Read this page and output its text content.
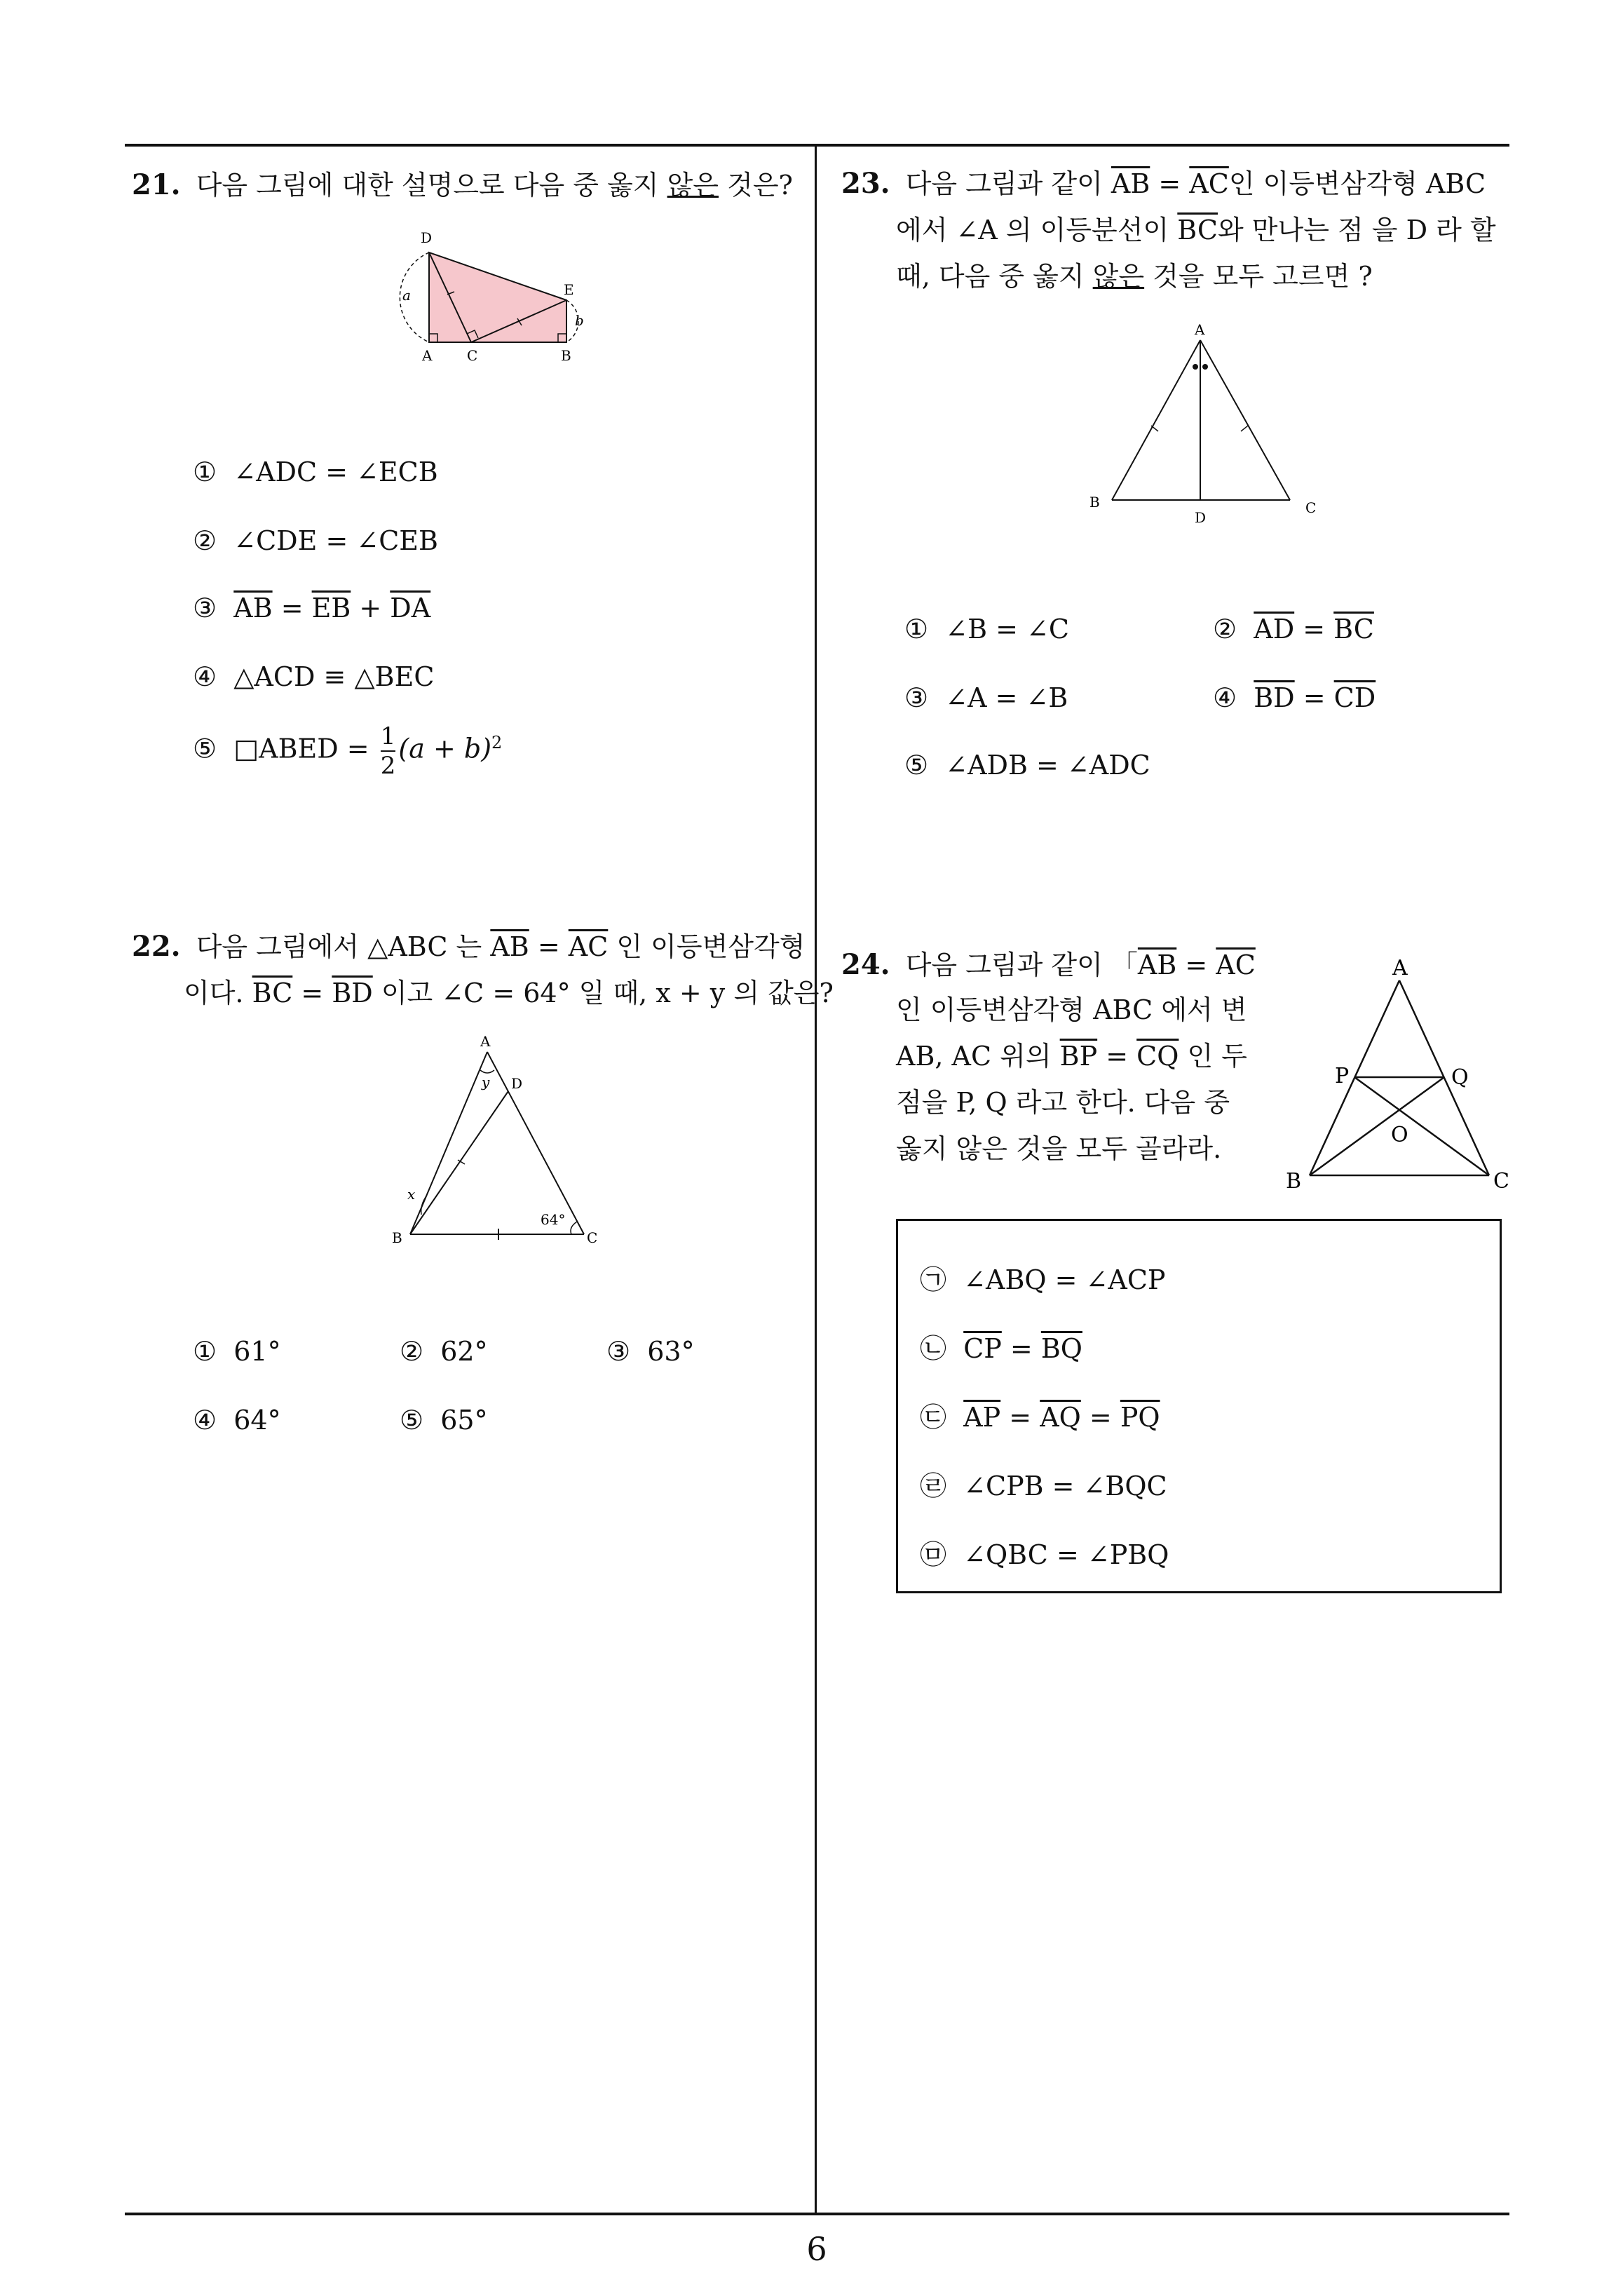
6
21. 다음 그림에 대한 설명으로 다음 중 옳지 않은 것은?
D
E
A C	B
a
b
① ∠ADC = ∠ECB
② ∠CDE = ∠CEB
③ $\overline{AB} = \overline{EB} + \overline{DA}$
④ △ACD ≡ △BEC
⑤ □ABED = $\frac{1}{2} (a + b)^2$
22. 다음 그림에서 △ABC 는 $\overline{AB} = \overline{AC}$ 인 이등변삼각형
이다. $\overline{BC} = \overline{BD}$ 이고 ∠C = 64° 일 때, x + y 의 값은?
A
D
B	C
x
y
64°
① 61°	② 62°	③ 63°
④ 64°	⑤ 65°
23. 다음 그림과 같이 $\overline{AB} = \overline{AC}$인 이등변삼각형 ABC
에서 ∠A 의 이등분선이 $\overline{BC}$와 만나는 점 을 D 라 할
때, 다음 중 옳지 않은 것을 모두 고르면 ?
A
B
D
C
① ∠B = ∠C	② $\overline{AD} = \overline{BC}$
③ ∠A = ∠B	④ $\overline{BD} = \overline{CD}$
⑤ ∠ADB = ∠ADC
24. 다음 그림과 같이 「$\overline{AB} = \overline{AC}$
인 이등변삼각형 ABC 에서 변
AB, AC 위의 $\overline{BP} = \overline{CQ}$ 인 두
점을 P, Q 라고 한다. 다음 중
옳지 않은 것을 모두 골라라.
A
P	Q
O
B	C
㉠ ∠ABQ = ∠ACP
㉡ $\overline{CP} = \overline{BQ}$
㉢ $\overline{AP} = \overline{AQ} = \overline{PQ}$
㉣ ∠CPB = ∠BQC
㉤ ∠QBC = ∠PBQ
